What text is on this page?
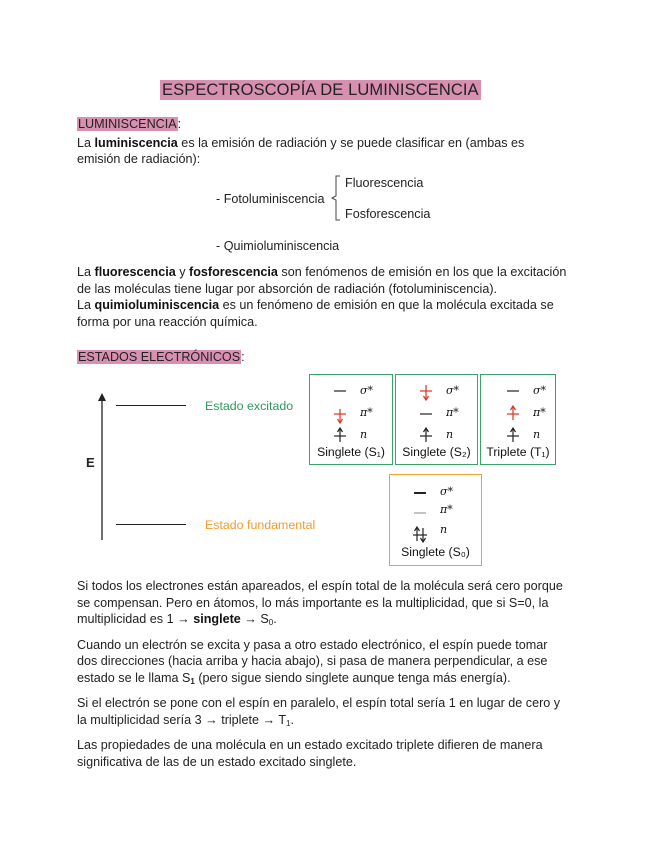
ESPECTROSCOPÍA DE LUMINISCENCIA

LUMINISCENCIA:

La luminiscencia es la emisión de radiación y se puede clasificar en (ambas es

emisión de radiación):

- Fotoluminiscencia
Fluorescencia
Fosforescencia
- Quimioluminiscencia

La fluorescencia y fosforescencia son fenómenos de emisión en los que la excitación

de las moléculas tiene lugar por absorción de radiación (fotoluminiscencia).

La quimioluminiscencia es un fenómeno de emisión en que la molécula excitada se

forma por una reacción química.

ESTADOS ELECTRÓNICOS:

E
Estado excitado
Estado fundamental
σ*
π*
n
Singlete (S₁)
σ*
π*
n
Singlete (S₂)
σ*
π*
n
Triplete (T₁)
σ*
π*
n
Singlete (S₀)

Si todos los electrones están apareados, el espín total de la molécula será cero porque
se compensan. Pero en átomos, lo más importante es la multiplicidad, que si S=0, la
multiplicidad es 1 → singlete → $S_0$.

Cuando un electrón se excita y pasa a otro estado electrónico, el espín puede tomar
dos direcciones (hacia arriba y hacia abajo), si pasa de manera perpendicular, a ese
estado se le llama $S_1$ (pero sigue siendo singlete aunque tenga más energía).

Si el electrón se pone con el espín en paralelo, el espín total sería 1 en lugar de cero y
la multiplicidad sería 3 → triplete → $T_1$.

Las propiedades de una molécula en un estado excitado triplete difieren de manera
significativa de las de un estado excitado singlete.
